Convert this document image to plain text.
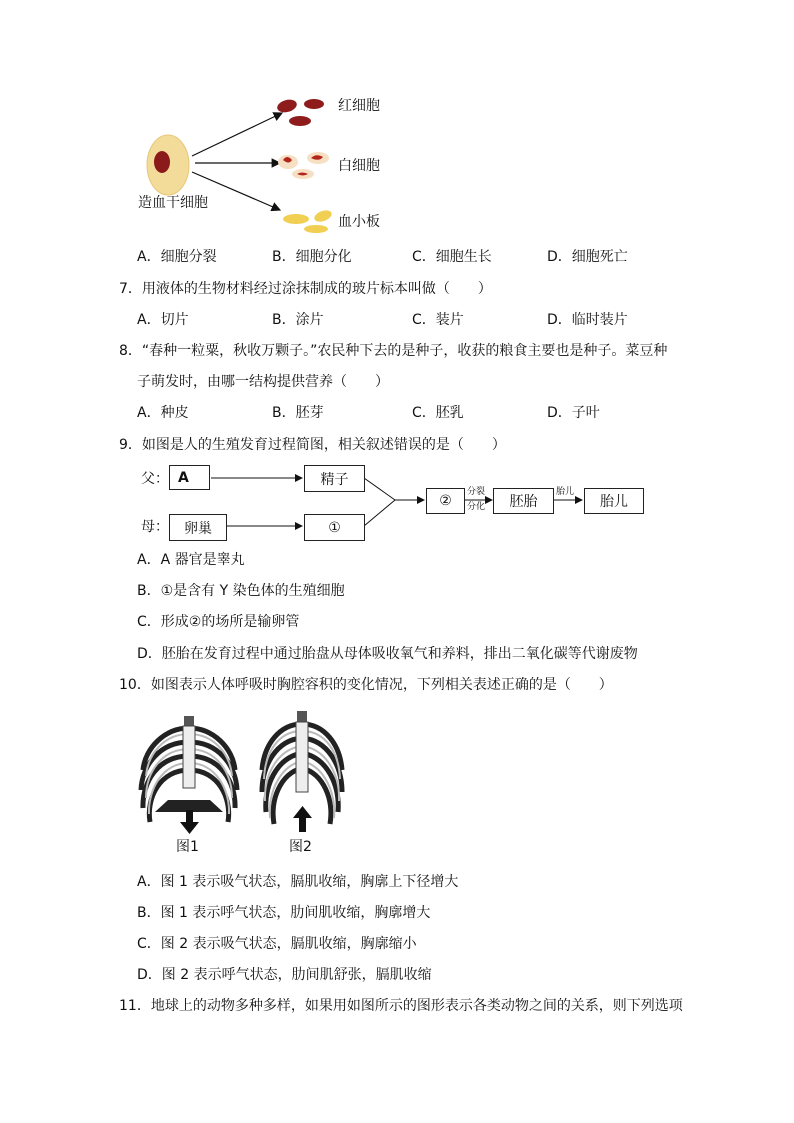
造血干细胞
红细胞
白细胞
血小板
A．细胞分裂	B．细胞分化	C．细胞生长	D．细胞死亡
7．用液体的生物材料经过涂抹制成的玻片标本叫做（　　）
A．切片	B．涂片	C．装片	D．临时装片
8．“春种一粒粟，秋收万颗子。”农民种下去的是种子，收获的粮食主要也是种子。菜豆种
子萌发时，由哪一结构提供营养（　　）
A．种皮	B．胚芽	C．胚乳	D．子叶
9．如图是人的生殖发育过程简图，相关叙述错误的是（　　）
父：
母：
A	精子
卵巢	①
②
分裂
分化	胚胎
胎儿
胎儿
A．A 器官是睾丸
B．①是含有 Y 染色体的生殖细胞
C．形成②的场所是输卵管
D．胚胎在发育过程中通过胎盘从母体吸收氧气和养料，排出二氧化碳等代谢废物
10．如图表示人体呼吸时胸腔容积的变化情况，下列相关表述正确的是（　　）
图1	图2
A．图 1 表示吸气状态，膈肌收缩，胸廓上下径增大
B．图 1 表示呼气状态，肋间肌收缩，胸廓增大
C．图 2 表示吸气状态，膈肌收缩，胸廓缩小
D．图 2 表示呼气状态，肋间肌舒张，膈肌收缩
11．地球上的动物多种多样，如果用如图所示的图形表示各类动物之间的关系，则下列选项
